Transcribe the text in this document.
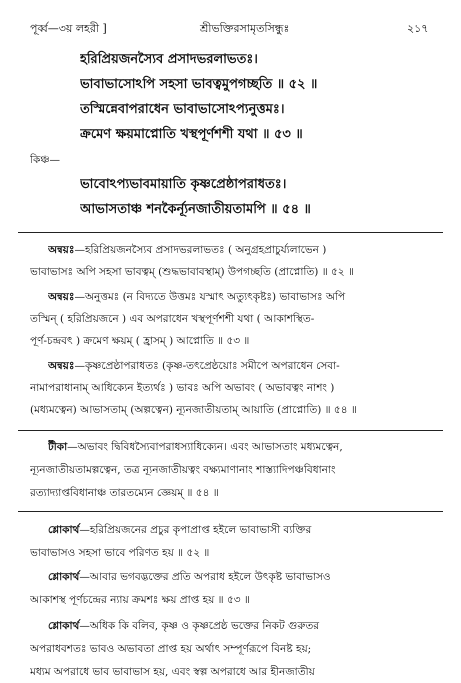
পূর্ব্ব—৩য় লহরী ]	শ্রীভক্তিরসামৃতসিন্ধুঃ	২১৭
হরিপ্রিয়জনস্যৈব প্রসাদভরলাভতঃ।
ভাবাভাসোঽপি সহসা ভাবত্বমুপগচ্ছতি ॥ ৫২ ॥
তস্মিন্নেবাপরাধেন ভাবাভাসোঽপ্যনুত্তমঃ।
ক্রমেণ ক্ষয়মাপ্নোতি খস্থপূর্ণশশী যথা ॥ ৫৩ ॥
কিঞ্চ—
ভাবোঽপ্যভাবমায়াতি কৃষ্ণপ্রেষ্ঠাপরাধতঃ।
আভাসতাঞ্চ শনকৈর্ন্যূনজাতীয়তামপি ॥ ৫৪ ॥
অন্বয়ঃ—হরিপ্রিয়জনস্যৈব প্রসাদভরলাভতঃ ( অনুগ্রহপ্রাচুর্য্যলাভেন )
ভাবাভাসঃ অপি সহসা ভাবত্বম্ (শুদ্ধভাবাবস্থাম্) উপগচ্ছতি (প্রাপ্নোতি) ॥ ৫২ ॥
অন্বয়ঃ—অনুত্তমঃ (ন বিদ্যতে উত্তমঃ যস্মাৎ অত্যুৎকৃষ্টঃ) ভাবাভাসঃ অপি
তস্মিন্ ( হরিপ্রিয়জনে ) এব অপরাধেন খস্থপূর্ণশশী যথা ( আকাশস্থিত-
পূর্ণ-চন্দ্রবৎ ) ক্রমেণ ক্ষয়ম্ ( হ্রাসম্ ) আপ্নোতি ॥ ৫৩ ॥
অন্বয়ঃ—কৃষ্ণপ্রেষ্ঠাপরাধতঃ (কৃষ্ণ-তৎপ্রেষ্ঠয়োঃ সমীপে অপরাধেন সেবা-
নামাপরাধানাম্ আধিক্যেন ইত্যর্থঃ ) ভাবঃ অপি অভাবং ( অভাবত্বং নাশং )
(মধ্যমত্বেন) আভাসতাম্ (অল্পত্বেন) ন্যূনজাতীয়তাম্ আয়াতি (প্রাপ্নোতি) ॥ ৫৪ ॥
টীকা—অভাবং দ্বিবিধস্যৈবাপরাধস্যাধিক্যেন। এবং আভাসতাং মধ্যমত্বেন,
ন্যূনজাতীয়তামল্পত্বেন, তত্র ন্যূনজাতীয়ত্বং বক্ষ্যমাণানাং শাস্ত্যাদিপঞ্চবিধানাং
রত্যাদ্যাপ্তবিধানাঞ্চ তারতম্যেন জ্ঞেয়ম্ ॥ ৫৪ ॥
শ্লোকার্থ—হরিপ্রিয়জনের প্রচুর কৃপাপ্রাপ্ত হইলে ভাবাভাসী ব্যক্তির
ভাবাভাসও সহসা ভাবে পরিণত হয় ॥ ৫২ ॥
শ্লোকার্থ—আবার ভগবদ্ভক্তের প্রতি অপরাধ হইলে উৎকৃষ্ট ভাবাভাসও
আকাশস্থ পূর্ণচন্দ্রের ন্যায় ক্রমশঃ ক্ষয় প্রাপ্ত হয় ॥ ৫৩ ॥
শ্লোকার্থ—অধিক কি বলিব, কৃষ্ণ ও কৃষ্ণপ্রেষ্ঠ ভক্তের নিকট গুরুতর
অপরাধবশতঃ ভাবও অভাবতা প্রাপ্ত হয় অর্থাৎ সম্পূর্ণরূপে বিনষ্ট হয়;
মধ্যম অপরাধে ভাব ভাবাভাস হয়, এবং স্বল্প অপরাধে আর হীনজাতীয়
